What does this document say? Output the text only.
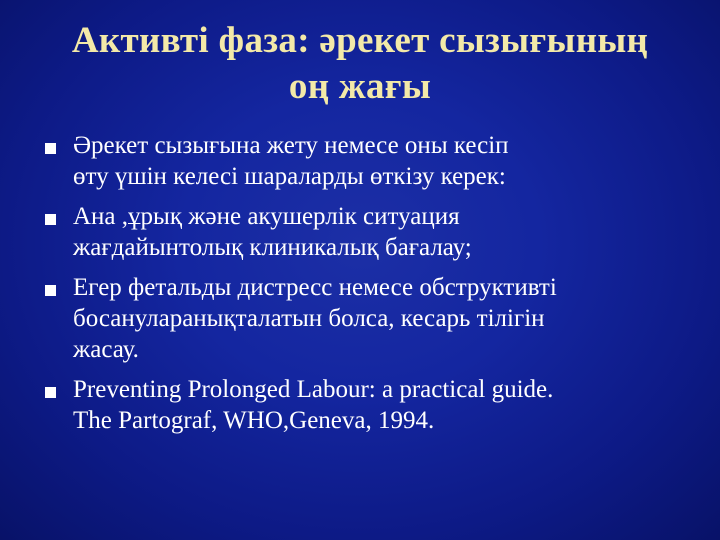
Активті фаза: әрекет сызығының
оң жағы
Әрекет сызығына жету немесе оны кесіп
өту үшін келесі шараларды өткізу керек:
Ана ,ұрық және акушерлік ситуация
жағдайынтолық клиникалық бағалау;
Егер фетальды дистресс немесе обструктивті
босануларанықталатын болса, кесарь тілігін
жасау.
Preventing Prolonged Labour: a practical guide.
The Partograf, WHO,Geneva, 1994.
